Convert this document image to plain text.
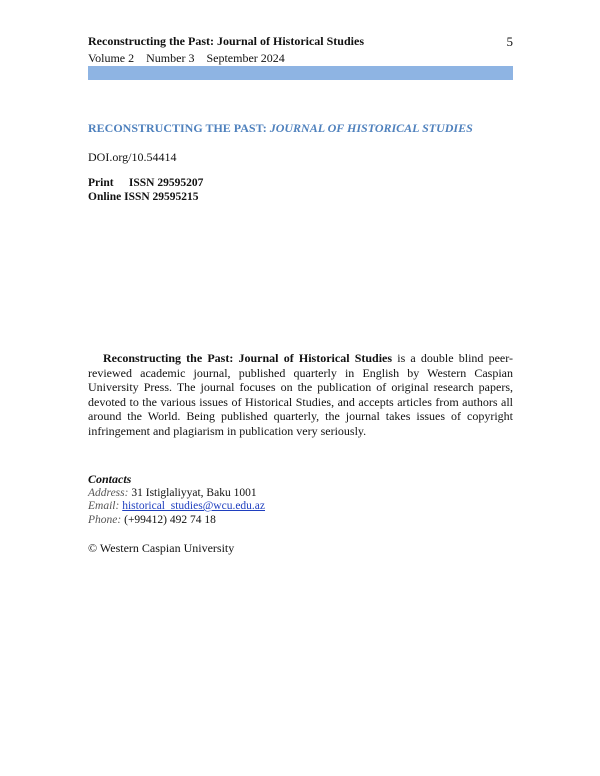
Reconstructing the Past: Journal of Historical Studies	5
Volume 2 Number 3 September 2024
RECONSTRUCTING THE PAST: JOURNAL OF HISTORICAL STUDIES
DOI.org/10.54414
Print ISSN 29595207
Online ISSN 29595215
Reconstructing the Past: Journal of Historical Studies is a double blind peer-reviewed academic journal, published quarterly in English by Western Caspian University Press. The journal focuses on the publication of original research papers, devoted to the various issues of Historical Studies, and accepts articles from authors all around the World. Being published quarterly, the journal takes issues of copyright infringement and plagiarism in publication very seriously.
Contacts
Address: 31 Istiglaliyyat, Baku 1001
Email: historical_studies@wcu.edu.az
Phone: (+99412) 492 74 18
© Western Caspian University
